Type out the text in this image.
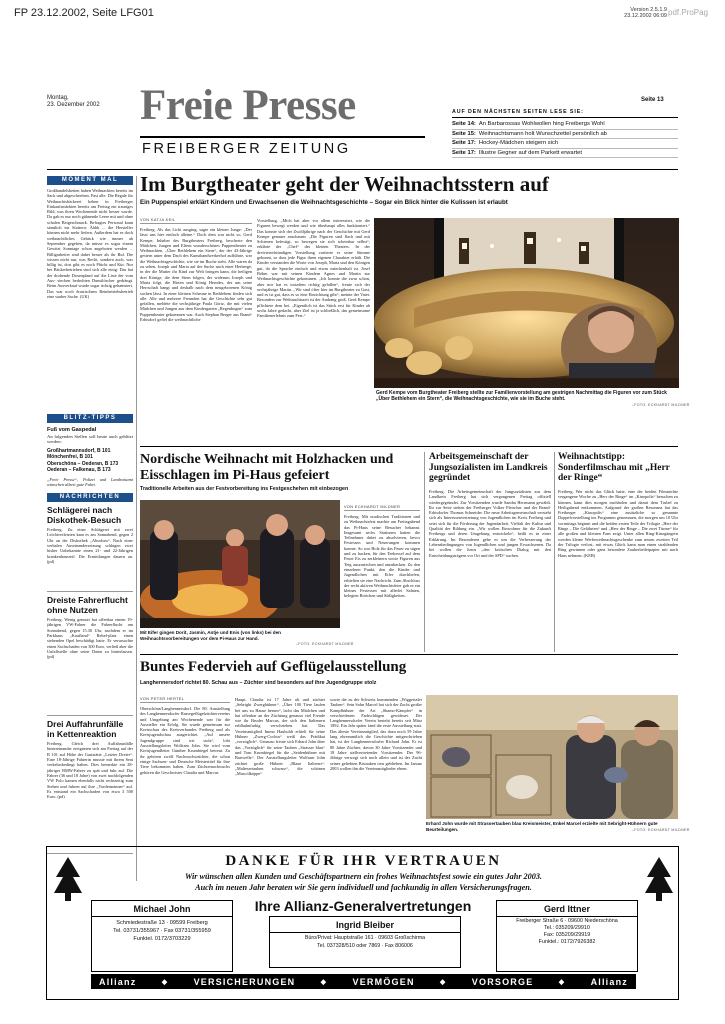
FP 23.12.2002, Seite LFG01	Version 2.5.1.9
23.12.2002 06:09 pdf.ProPag
Montag,
23. Dezember 2002 Freie Presse
FREIBERGER ZEITUNG
Seite 13
AUF DEN NÄCHSTEN SEITEN LESE SIE:
Seite 14: An Barbarossas Wohlwollen hing Freibergs Wohl
Seite 15: Weihnachtsmann holt Wunschzettel persönlich ab
Seite 17: Hockey-Mädchen steigern sich
Seite 17: Illustre Gegner auf dem Parkett erwartet
MOMENT MAL
Großhandelsketten haben Weihnachten bereits im Sack und abgeschrieben. Fast alle. Die Regale für Weihnachtsbäckerei heben in Freiberger Einkaufsmärkten bereits am Freitag ein trauriges Bild, was ihren Wochenende nicht besser wurde. Da gab es nur noch gähnende Leere mit und ohne schalen Beigeschmack. Befragtes Personal kann sämtlich ins Stottern: Ähhh ... die Hersteller können nicht mehr liefern. Außerdem hat es doch weihnachtliches Gebäck wie immer ab September gegeben, da müsse es sogar einem Gewitzt Sonntage schon angeboten werden ... Billigarbeiter sind dabei besser als ihr Ruf. Die wissen nicht nur, was Recht, sondern auch, was billig ist, dort gibt es noch Pfücht und Kür. Nur bei Bäckerbetrieben sind sich alle einig: Das hat der drohende Dosenpfand auf die Liste der vom Aus- stechen bedrohten Dunstlöscher gedrängt. Beim Ausverkauf wurde sogar richtig gehamstert. Das war noch drastischem Reinbetriebsbetrieb eine sauber Sache. (UK)
BLITZ-TIPPS
Fuß vom Gaspedal
An folgenden Stellen soll heute auch geblitzt werden:
Großhartmannsdorf, B 101
Mönchenfrei, B 101
Oberschöna – Oederan, B 173
Oederan – Falkenau, B 173
„Freie Presse“, Polizei und Landratsamt wünschen allzeit gute Fahrt.
NACHRICHTEN
Schlägerei nach Diskothek-Besuch
Freiberg. Zu einer Schlägerei mit zwei Leichtverletzten kam es am Sonnabend, gegen 2 Uhr an der Diskothek „Absolom“. Nach einer verbalen Auseinandersetzung schlugen zwei bisher Unbekannte einen 21- und 22-Jährigen krankenhausreif. Die Ermittlungen dauern an. (pd)
Dreiste Fahrerflucht ohne Nutzen
Freiberg. Wenig genutzt hat offenbar einem 19-jährigen VW-Fahrer die Fahrerflucht am Sonnabend, gegen 15.30 Uhr, nachdem er im Parkhaus „Kaufland“ Rebel-platz einen stehenden Opel beschädigt hatte. Er verursachte einen Sachschaden von 300 Euro, verließ aber die Unfallstelle ohne seine Daten zu hinterlassen. (pd)
Drei Auffahrunfälle in Kettenreaktion
Freiberg. Gleich drei Auffahrunfälle hintereinander ereigneten sich am Freitag auf der B 101 auf Höhe der Gaststätte „Letzter Dreier“. Eine 18-Jährige Fahrerin musste mit ihrem Seat verkehrsbedingt halten. Dies bemerkte ein 28-jähriger BMW-Fahrer zu spät und fuhr auf. Die Fahrer (36 und 18 Jahre) von zwei nachfolgenden VW Polo kamen ebenfalls nicht rechtzeitig zum Stehen und fuhren auf ihre „Vordermänner“ auf. Es entstand ein Sachschaden von etwa 3 500 Euro. (pd)
Im Burgtheater geht der Weihnachtsstern auf
Ein Puppenspiel erklärt Kindern und Erwachsenen die Weihnachtsgeschichte – Sogar ein Blick hinter die Kulissen ist erlaubt
VON KATJA KEIL
Freiberg. Als das Licht ausging, sagte ein kleiner Junge: „Der lässt uns hier einfach alleine.“ Doch dem war nicht so, Gerd Kempe, Inhaber des Burgtheaters Freiberg, bescherte den Mädchen, Jungen und Eltern wunderschönes Puppentheater zu Weihnachten. „Über Bethlehem ein Stern“, der der 43-Jährige gestern unter dem Dach des Kunsthandwerkerhof aufführte, war die Weihnachtsgeschichte, wie sie im Buche steht. Alle waren da zu sehen, Joseph und Maria auf der Suche nach einer Herberge, in der die Mutter ihr Kind zur Welt bringen kann, die heiligen drei Könige, die dem Stern folgen, der widerum Joseph und Maria folgt, die Hirten und König Herodes, der um seine Herrschaft bangt und deshalb nach dem neugeborenen König suchen lässt. In einer kleinen Scheune in Bethlehem finden sich alle. Alle und mehrere Freunden hat die Geschichte sehr gut gefallen, meldete die sechsjährige Paula Görtz, die mit vielen Mädchen und Jungen aus dem Kindergarten „Regenbogen“ zum Puppentheater gekommen war. Auch Stephan Berger aus Brand-Erbisdorf gefiel die weihnachtliche
Vorstellung. „Mich hat aber vor allem interessiert, wie die Figuren bewegt werden und wie überhaupt alles funktioniert.“ Das konnte sich der Zwölfjährige nach der Geschichte mit Gerd Kempe genauer anschauen. „Die Figuren sind flach und mit Schienen befestigt, so bewegen sie sich scheinbar selbst“, erklärte der „Chef“ des kleinen Theaters. In der dreiviertelstündigen Vorstellung variierte er seine Stimme gekonnt, so dass jede Figur ihren eigenen Charakter erhält. Die Kinder verstanden die Worte von Joseph, Maria und den Königen gut, da die Sprache einfach und etwas märchenhaft ist. Josef Böhm war mit seinen Kindern Agnes und Martin zur Weihnachtsgeschichte gekommen. „Ich konnte die zwar schon, aber mir hat es trotzdem richtig gefallen“, freute sich der sechsjährige Martin. „Wir sind öfter hier im Burgtheater zu Gast, und es ist gut, dass es so eine Einrichtung gibt“, meinte der Vater. Besonders zur Weihnachtszeit ist der Andrang groß. Gerd Kempe pflichtete dem bei. „Eigentlich ist das Stück erst für Kinder ab sechs Jahre gedacht, aber Ziel ist ja schließlich, das gemeinsame Familienerlebnis zum Fest.“
Gerd Kempe vom Burgtheater Freiberg stellte zur Familienvorstellung am gestrigen Nachmittag die Figuren vor zum Stück „Über Bethlehem ein Stern“, die Weihnachtsgeschichte, wie sie im Buche steht.
–FOTO: ECKHARDT MILDNER
Nordische Weihnacht mit Holzhacken und Eisschlagen im Pi-Haus gefeiert
Traditionelle Arbeiten aus der Festvorbereitung ins Festgeschehen mit einbezogen
Mit Eifer gingen Dorit, Jasmin, Antje und Enis (von links) bei den Weihnachtsvorbereitungen vor dem Pi-Haus zur Hand.
–FOTO: ECKHARDT MILDNER
VON ECKHARDT MILDNER
Freiberg. Mit nordischen Traditionen und zu Weihnachtsfest machte am Freitagabend das Pi-Haus seine Besucher bekannt. Insgesamt sechs Stationen hatten die Teilnehmer dabei zu absolvieren, bevor Festessen und Neuerungen kommen konnte. So war Holz für das Feuer zu sägen und zu hacken, für den Teekessel auf dem Feuer Eis zu zerkleinern sowie Figuren aus Teig auszustechen und anzubacken. Zu den einzelnen Punkt, den die Kinder und Jugendlichen mit Eifer durchliefen, erhielten sie eine Nachricht. Zum Abschluss der recht aktiven Weihnachtsfeier gab es ein kleines Festessen mit allerlei Salaten, belegten Brötchen und Süßigkeiten.
Arbeitsgemeinschaft der Jungsozialisten im Landkreis gegründet
Freiberg. Die Arbeitsgemeinschaft der Jungsozialisten aus dem Landkreis Freiberg hat sich vergangenen Freitag offiziell wiedergegründet. Zur Vorsitzenden wurde Sandra Herrmann gewählt. Ihr zur Seite stehen der Freiberger Volker Fleischer und der Brand-Erbisdorfer Thomas Schneider. Die neue Arbeitsgemeinschaft versteht sich als Interessenvertretung von Jugendlichen im Kreis Freiberg und setzt sich für die Förderung der Jugendarbeit. Vielfalt der Kultur und Qualität der Bildung ein. „Wir wollen Einwohner für die Zukunft Freibergs und deren Umgebung entwickeln“, heißt es in einer Erklärung. Im Besonderen gehe es um die Verbesserung der Lebensbedingungen von Jugendlichen und jungen Erwachsenen. Da bei wollen die Jusos „den kritischen Dialog mit den Entscheidungsträgern vor Ort und der SPD“ suchen.
Weihnachtstipp: Sonderfilmschau mit „Herr der Ringe“
Freiberg. Wer nicht das Glück hatte, eine der beiden Filmnächte vergangene Woche zu „Herr der Ringe“ im „Kinopolis“ besuchen zu können, kann dies morgen nachholen und damit dem Trubel zu Heiligabend entkommen. Aufgrund der großen Resonanz hat das Freiberger „Kinopolis“ eine zusätzliche so genannte Doppelvorstellung ins Programm genommen, die morgen um 10 Uhr vormittags beginnt und die beiden ersten Teile der Trilogie „Herr der Ringe – Die Gefährten“ und „Herr der Ringe – Die zwei Türme“ für alle großen und kleinen Fans zeigt. Unter allen Ring-Kinogängern werden kleine Werbeweihnachtsgeschenke zum neuen zweiten Teil der Trilogie verlost, mit etwas Glück kann man einen strahlenden Ring gewinnen oder ganz besondere Zauberbeileipapier mit nach Haus nehmen. (KEB)
Buntes Federvieh auf Geflügelausstellung
Langhennersdorf richtet 80. Schau aus – Züchter sind besonders auf ihre Jugendgruppe stolz
VON PETER HERTEL
Oberschöna/Langhennersdorf. Die 80. Ausstellung des Langhennersdorfer Rassegeflügelzüchtervereins und Umgebung am Wochenende war für die Aussteller ein Erfolg. Sie wurde gemeinsam zur Kreisschau des Kreisverbandes Freiberg und als Kreisjugendschau ausgerichtet. „Auf unsere Jugendgruppe sind wir stolz“, lobt Ausstellungsleiter Wolfram John. Sie wird vom Kreisjugendleiter Günther Krumbiegel betreut. Zu ihr gehören zwölf Nachwuchszüchter, die schon einige Sachsen- und Deutsche Meistertitel für ihre Tiere bekommen haben. Zum Züchternachwuchs gehören die Geschwister Claudia und Marcus
Haupt. Claudia ist 17 Jahre alt und züchtet „Sebright Zwerghühner“. „Über 100 Tiere laufen bei uns zu Hause herum“, lacht das Mädchen und hat offenbar an der Züchtung genauso viel Freude wie ihr Bruder Marcus, der sich den Italienern erblhuhnfarbig verschrieben hat. Das Vereinsmitglied Immo Hauboldt erhielt für seine Hühner „Zwerg-Cochin“ weiß das Prädikat „vorzüglich“. Genauso freute sich Erhard John über das „Vorzüglich“ für seine Tauben „Strasser blau“ und Tom Krumbiegel für die „Seidenhühner mit Bartwelle“. Der Ausstellungsleiter Wolfram John züchtet große Hühner „Blaue Italiener“. „Maltesertauben schwarz“, die schönen „Muscölköppe“
sowie die zu der Schweiz kommenden „Wiggertaler Tauben“. Sein Sohn Marcel hat sich der Zucht großer Kampfhühner der Art „Shamo-Kämpfer“ in verschiedenen Farbschlägen gewidmet. Der Langhennersdorfer Verein besteht bereits seit März 1892. Ein Jahr später fand die erste Ausstellung statt. Das älteste Vereinsmitglied, das dazu noch 59 Jahre lang ehrenamtlich die Geschichte mitgeschrieben hat, ist der Langhennersdorfer Richard John. Er ist 80 Jahre Züchter, davon 30 Jahre Vorsitzender und 18 Jahre stellvertretender Vorsitzender. Der 96-Jährige versorgt sich noch allein und ist der Zucht seiner geliebten Bistauben treu geblieben. Im Januar 2003 wollen ihn die Vereinsmitglieder ehren.
Erhard John wurde mit Strassertauben blau Kreismeister, Enkel Marcel erzielte mit Sebright-Hühnern gute Beurteilungen.	–FOTO: ECKHARDT MILDNER
DANKE FÜR IHR VERTRAUEN
Wir wünschen allen Kunden und Geschäftspartnern ein frohes Weihnachtsfest sowie ein gutes Jahr 2003.
Auch im neuen Jahr beraten wir Sie gern individuell und fachkundig in allen Versicherungsfragen.
Michael John
Schmiedestraße 13 · 09599 Freiberg
Tel. 03731/355967 · Fax 03731/355959
Funktel. 0172/3703229
Ihre Allianz-Generalvertretungen
Ingrid Bleiber
Büro/Privat: Hauptstraße 161 · 09603 Großschirma
Tel. 037328/510 oder 7869 · Fax 806006
Gerd Ittner
Freiberger Straße 6 · 09600 Niederschöna
Tel.: 035209/29910
Fax: 035209/29919
Funktel.: 0172/7926382
Allianz	◆	VERSICHERUNGEN	◆	VERMÖGEN	◆	VORSORGE	◆	Allianz
